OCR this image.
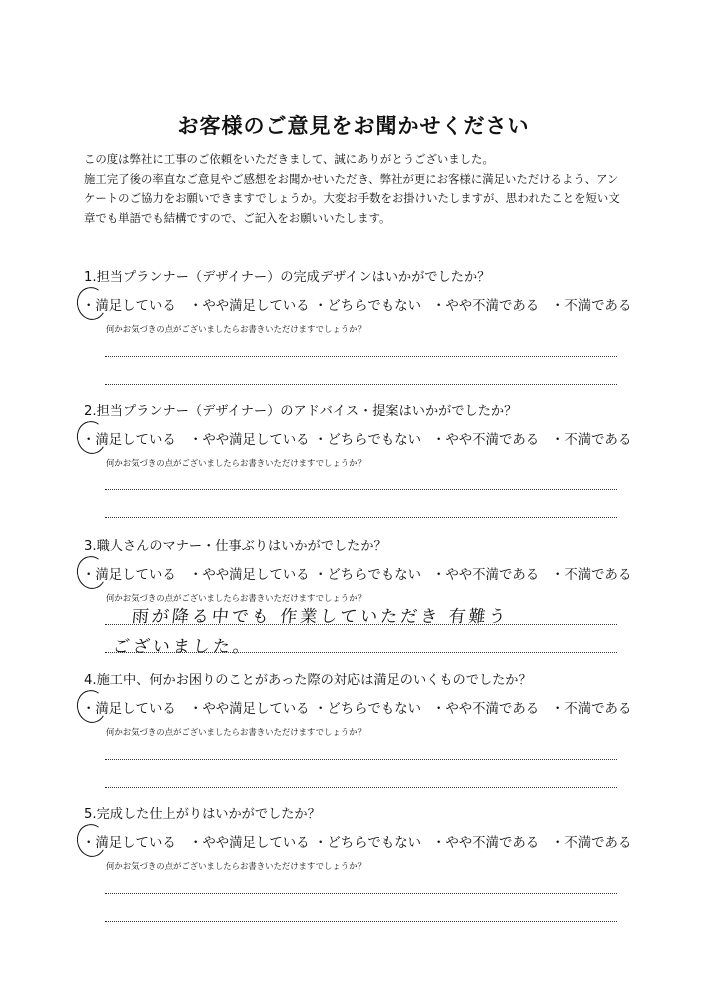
お客様のご意見をお聞かせください

この度は弊社に工事のご依頼をいただきまして、誠にありがとうございました。

施工完了後の率直なご意見やご感想をお聞かせいただき、弊社が更にお客様に満足いただけるよう、アン

ケートのご協力をお願いできますでしょうか。大変お手数をお掛けいたしますが、思われたことを短い文

章でも単語でも結構ですので、ご記入をお願いいたします。

1.担当プランナー（デザイナー）の完成デザインはいかがでしたか？
・満足している ・やや満足している ・どちらでもない ・やや不満である ・不満である
何かお気づきの点がございましたらお書きいただけますでしょうか？
2.担当プランナー（デザイナー）のアドバイス・提案はいかがでしたか？
・満足している ・やや満足している ・どちらでもない ・やや不満である ・不満である
何かお気づきの点がございましたらお書きいただけますでしょうか？
3.職人さんのマナー・仕事ぶりはいかがでしたか？
・満足している ・やや満足している ・どちらでもない ・やや不満である ・不満である
何かお気づきの点がございましたらお書きいただけますでしょうか？
雨が降る中でも 作業していただき 有難う
ございました。
4.施工中、何かお困りのことがあった際の対応は満足のいくものでしたか？
・満足している ・やや満足している ・どちらでもない ・やや不満である ・不満である
何かお気づきの点がございましたらお書きいただけますでしょうか？
5.完成した仕上がりはいかがでしたか？
・満足している ・やや満足している ・どちらでもない ・やや不満である ・不満である
何かお気づきの点がございましたらお書きいただけますでしょうか？
